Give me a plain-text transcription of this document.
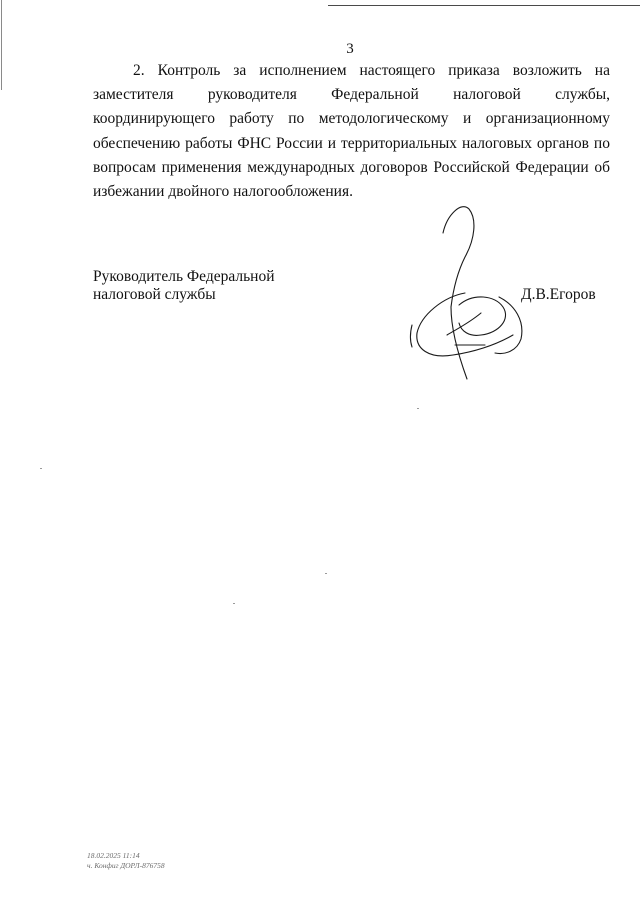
3

2. Контроль за исполнением настоящего приказа возложить на заместителя руководителя Федеральной налоговой службы, координирующего работу по методологическому и организационному обеспечению работы ФНС России и территориальных налоговых органов по вопросам применения международных договоров Российской Федерации об избежании двойного налогообложения.

Руководитель Федеральной
налоговой службы	Д.В.Егоров
18.02.2025 11:14
ч. Конфиг ДОРЛ-876758
